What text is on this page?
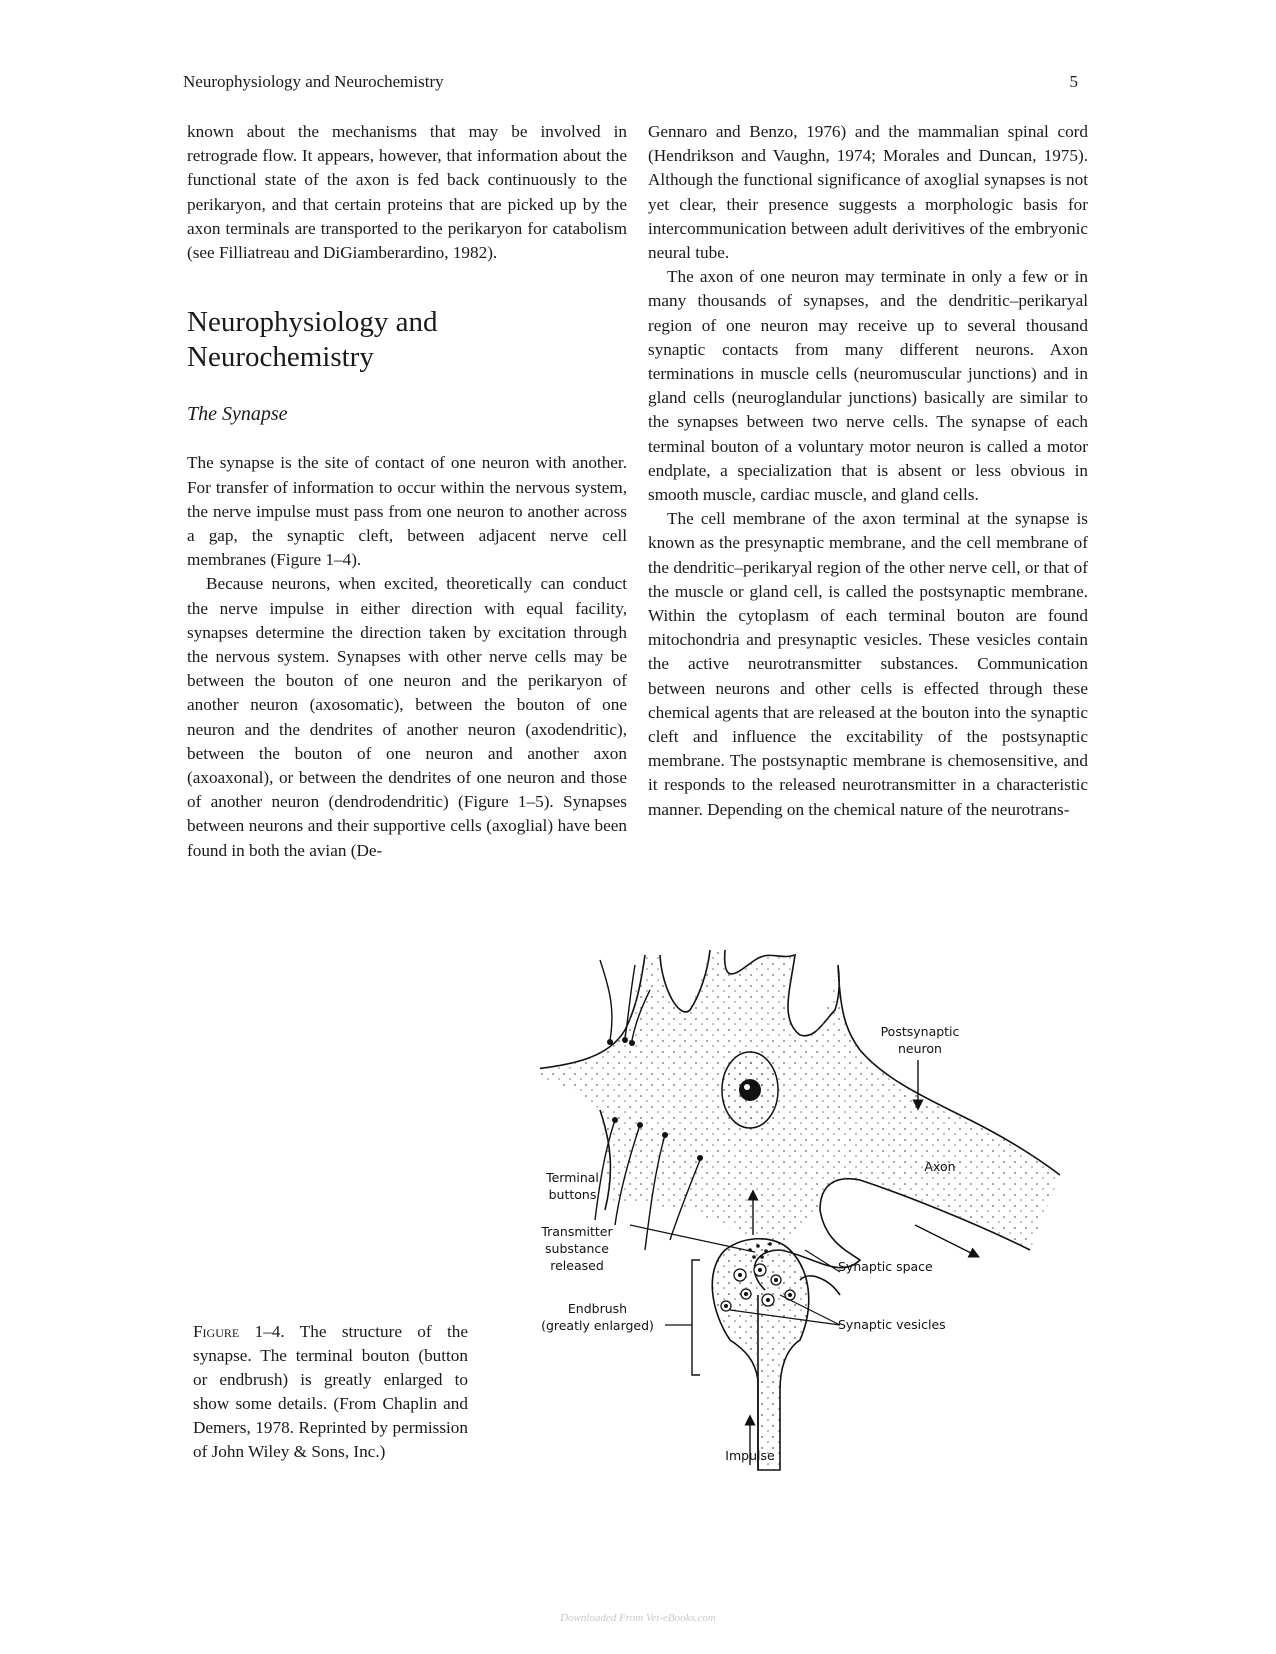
Neurophysiology and Neurochemistry	5

known about the mechanisms that may be involved in retrograde flow. It appears, however, that information about the functional state of the axon is fed back continuously to the perikaryon, and that certain proteins that are picked up by the axon terminals are transported to the perikaryon for catabolism (see Filliatreau and DiGiamberardino, 1982).

Neurophysiology and Neurochemistry
The Synapse

The synapse is the site of contact of one neuron with another. For transfer of information to occur within the nervous system, the nerve impulse must pass from one neuron to another across a gap, the synaptic cleft, between adjacent nerve cell membranes (Figure 1–4).

Because neurons, when excited, theoretically can conduct the nerve impulse in either direction with equal facility, synapses determine the direction taken by excitation through the nervous system. Synapses with other nerve cells may be between the bouton of one neuron and the perikaryon of another neuron (axosomatic), between the bouton of one neuron and the dendrites of another neuron (axodendritic), between the bouton of one neuron and another axon (axoaxonal), or between the dendrites of one neuron and those of another neuron (dendrodendritic) (Figure 1–5). Synapses between neurons and their supportive cells (axoglial) have been found in both the avian (De-

Gennaro and Benzo, 1976) and the mammalian spinal cord (Hendrikson and Vaughn, 1974; Morales and Duncan, 1975). Although the functional significance of axoglial synapses is not yet clear, their presence suggests a morphologic basis for intercommunication between adult derivitives of the embryonic neural tube.

The axon of one neuron may terminate in only a few or in many thousands of synapses, and the dendritic–perikaryal region of one neuron may receive up to several thousand synaptic contacts from many different neurons. Axon terminations in muscle cells (neuromuscular junctions) and in gland cells (neuroglandular junctions) basically are similar to the synapses between two nerve cells. The synapse of each terminal bouton of a voluntary motor neuron is called a motor endplate, a specialization that is absent or less obvious in smooth muscle, cardiac muscle, and gland cells.

The cell membrane of the axon terminal at the synapse is known as the presynaptic membrane, and the cell membrane of the dendritic–perikaryal region of the other nerve cell, or that of the muscle or gland cell, is called the postsynaptic membrane. Within the cytoplasm of each terminal bouton are found mitochondria and presynaptic vesicles. These vesicles contain the active neurotransmitter substances. Communication between neurons and other cells is effected through these chemical agents that are released at the bouton into the synaptic cleft and influence the excitability of the postsynaptic membrane. The postsynaptic membrane is chemosensitive, and it responds to the released neurotransmitter in a characteristic manner. Depending on the chemical nature of the neurotrans-

Postsynaptic
neuron
Axon
Terminal
buttons
Transmitter
substance
released	Synaptic space
Endbrush
(greatly enlarged)	Synaptic vesicles
Impulse
Figure 1–4. The structure of the synapse. The terminal bouton (button or endbrush) is greatly enlarged to show some details. (From Chaplin and Demers, 1978. Reprinted by permission of John Wiley & Sons, Inc.)
Downloaded From Vet-eBooks.com
